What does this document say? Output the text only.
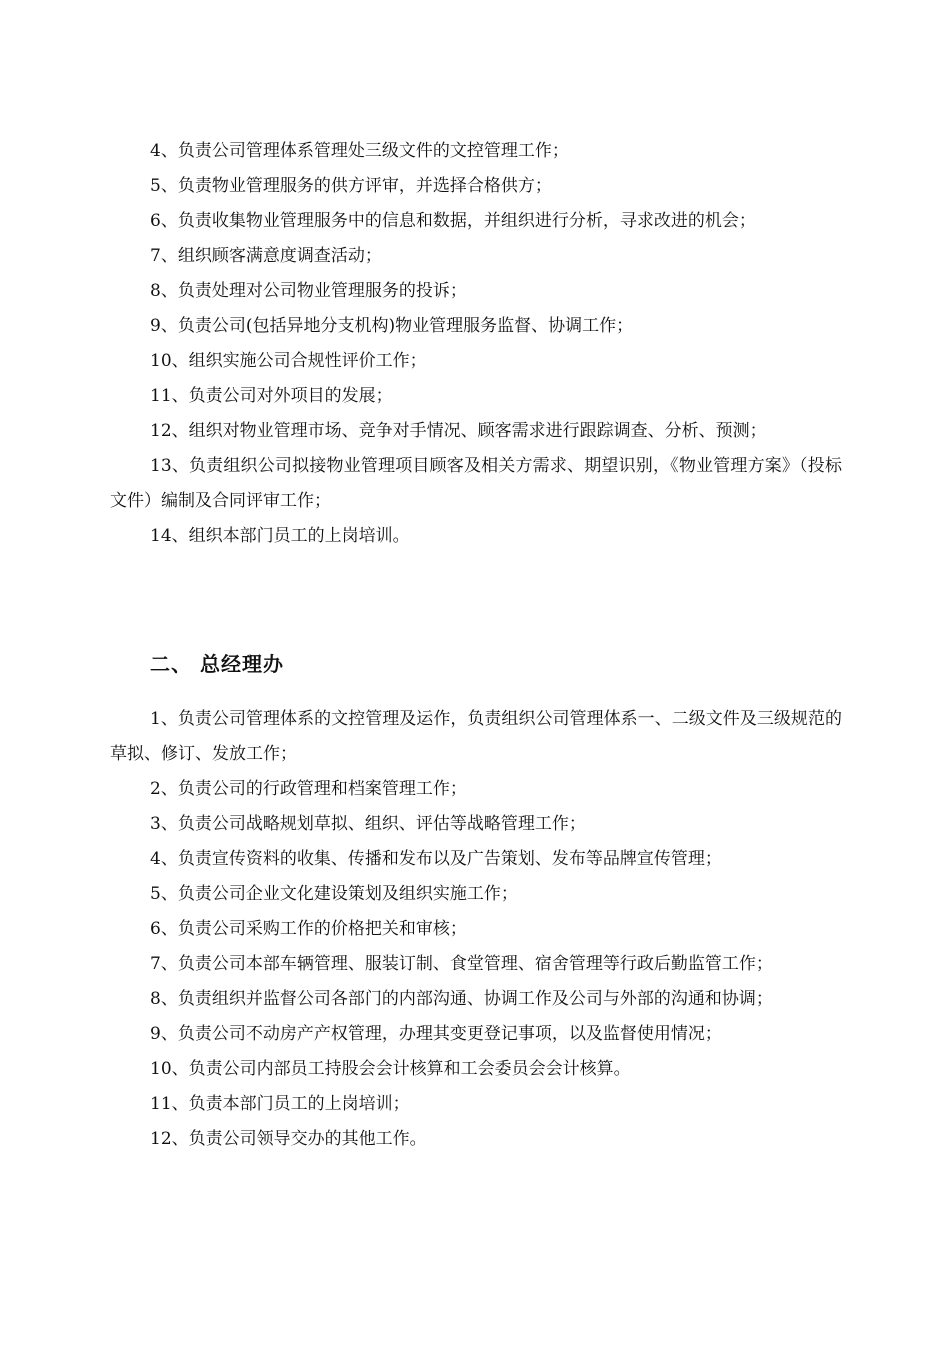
4、负责公司管理体系管理处三级文件的文控管理工作；

5、负责物业管理服务的供方评审，并选择合格供方；

6、负责收集物业管理服务中的信息和数据，并组织进行分析，寻求改进的机会；

7、组织顾客满意度调查活动；

8、负责处理对公司物业管理服务的投诉；

9、负责公司(包括异地分支机构)物业管理服务监督、协调工作；

10、组织实施公司合规性评价工作；

11、负责公司对外项目的发展；

12、组织对物业管理市场、竞争对手情况、顾客需求进行跟踪调查、分析、预测；

13、负责组织公司拟接物业管理项目顾客及相关方需求、期望识别，《物业管理方案》（投标文件）编制及合同评审工作；

14、组织本部门员工的上岗培训。

二、 总经理办

1、负责公司管理体系的文控管理及运作，负责组织公司管理体系一、二级文件及三级规范的草拟、修订、发放工作；

2、负责公司的行政管理和档案管理工作；

3、负责公司战略规划草拟、组织、评估等战略管理工作；

4、负责宣传资料的收集、传播和发布以及广告策划、发布等品牌宣传管理；

5、负责公司企业文化建设策划及组织实施工作；

6、负责公司采购工作的价格把关和审核；

7、负责公司本部车辆管理、服装订制、食堂管理、宿舍管理等行政后勤监管工作；

8、负责组织并监督公司各部门的内部沟通、协调工作及公司与外部的沟通和协调；

9、负责公司不动房产产权管理，办理其变更登记事项，以及监督使用情况；

10、负责公司内部员工持股会会计核算和工会委员会会计核算。

11、负责本部门员工的上岗培训；

12、负责公司领导交办的其他工作。
